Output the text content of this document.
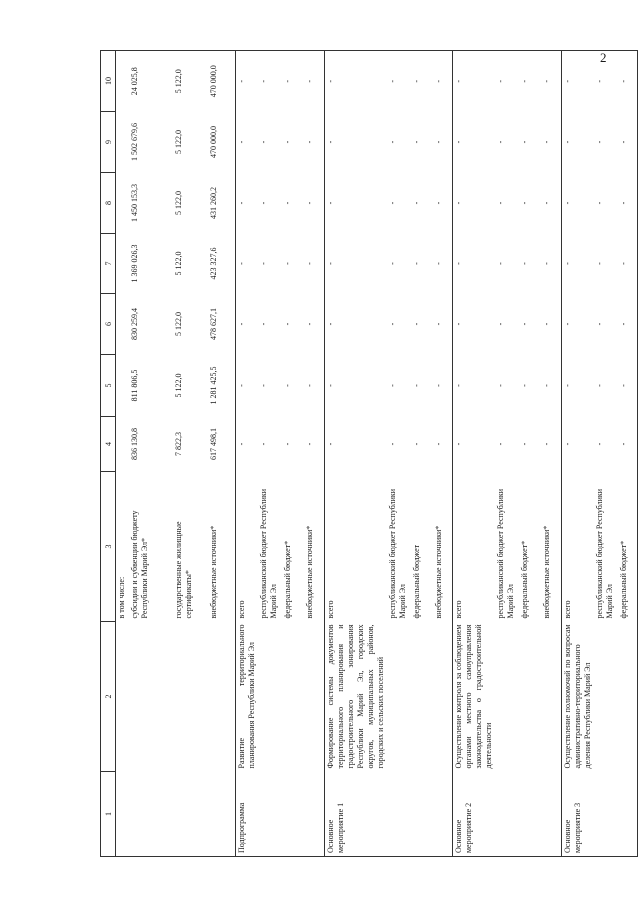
2
1	2	3	4	5	6	7	8	9	10
		в том числе:							
		субсидии и субвенции бюджету Республики Марий Эл*	836 130,8	811 806,5	830 259,4	1 369 026,3	1 450 153,3	1 502 679,6	24 025,8
		государственные жилищные сертификаты*	7 822,3	5 122,0	5 122,0	5 122,0	5 122,0	5 122,0	5 122,0
		внебюджетные источники*	617 498,1	1 281 425,5	478 627,1	423 327,6	431 260,2	470 000,0	470 000,0
Подпрограмма	Развитие территориального планирования Республики Марий Эл	всего	-	-	-	-	-	-	-
		республиканский бюджет Республики Марий Эл	-	-	-	-	-	-	-
		федеральный бюджет*	-	-	-	-	-	-	-
		внебюджетные источники*	-	-	-	-	-	-	-
Основное мероприятие 1	Формирование системы документов территориального планирования и градостроительного зонирования Республики Марий Эл, городских округов, муниципальных районов, городских и сельских поселений	всего	-	-	-	-	-	-	-
		республиканский бюджет Республики Марий Эл	-	-	-	-	-	-	-
		федеральный бюджет	-	-	-	-	-	-	-
		внебюджетные источники*	-	-	-	-	-	-	-
Основное мероприятие 2	Осуществление контроля за соблюдением органами местного самоуправления законодательства о градостроительной деятельности	всего	-	-	-	-	-	-	-
		республиканский бюджет Республики Марий Эл	-	-	-	-	-	-	-
		федеральный бюджет*	-	-	-	-	-	-	-
		внебюджетные источники*	-	-	-	-	-	-	-
Основное мероприятие 3	Осуществление полномочий по вопросам административно-территориального деления Республики Марий Эл	всего	-	-	-	-	-	-	-
		республиканский бюджет Республики Марий Эл	-	-	-	-	-	-	-
		федеральный бюджет*	-	-	-	-	-	-	-
